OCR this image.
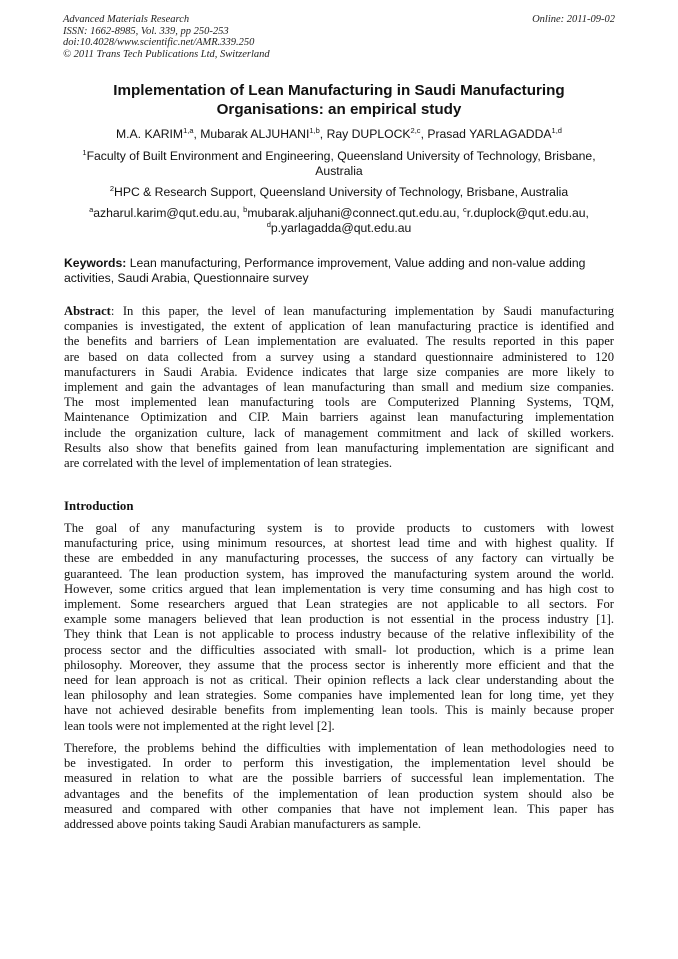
Advanced Materials Research
ISSN: 1662-8985, Vol. 339, pp 250-253
doi:10.4028/www.scientific.net/AMR.339.250
© 2011 Trans Tech Publications Ltd, Switzerland
Online: 2011-09-02
Implementation of Lean Manufacturing in Saudi Manufacturing
Organisations: an empirical study
M.A. KARIM$^{1,a}$, Mubarak ALJUHANI$^{1,b}$, Ray DUPLOCK$^{2,c}$, Prasad YARLAGADDA$^{1,d}$
$^1$Faculty of Built Environment and Engineering, Queensland University of Technology, Brisbane,
Australia
$^2$HPC & Research Support, Queensland University of Technology, Brisbane, Australia
$^a$azharul.karim@qut.edu.au, $^b$mubarak.aljuhani@connect.qut.edu.au, $^c$r.duplock@qut.edu.au,
$^d$p.yarlagadda@qut.edu.au
Keywords: Lean manufacturing, Performance improvement, Value adding and non-value adding
activities, Saudi Arabia, Questionnaire survey
Abstract: In this paper, the level of lean manufacturing implementation by Saudi manufacturing
companies is investigated, the extent of application of lean manufacturing practice is identified and
the benefits and barriers of Lean implementation are evaluated. The results reported in this paper
are based on data collected from a survey using a standard questionnaire administered to 120
manufacturers in Saudi Arabia. Evidence indicates that large size companies are more likely to
implement and gain the advantages of lean manufacturing than small and medium size companies.
The most implemented lean manufacturing tools are Computerized Planning Systems, TQM,
Maintenance Optimization and CIP. Main barriers against lean manufacturing implementation
include the organization culture, lack of management commitment and lack of skilled workers.
Results also show that benefits gained from lean manufacturing implementation are significant and
are correlated with the level of implementation of lean strategies.
Introduction
The goal of any manufacturing system is to provide products to customers with lowest
manufacturing price, using minimum resources, at shortest lead time and with highest quality. If
these are embedded in any manufacturing processes, the success of any factory can virtually be
guaranteed. The lean production system, has improved the manufacturing system around the world.
However, some critics argued that lean implementation is very time consuming and has high cost to
implement. Some researchers argued that Lean strategies are not applicable to all sectors. For
example some managers believed that lean production is not essential in the process industry [1].
They think that Lean is not applicable to process industry because of the relative inflexibility of the
process sector and the difficulties associated with small- lot production, which is a prime lean
philosophy. Moreover, they assume that the process sector is inherently more efficient and that the
need for lean approach is not as critical. Their opinion reflects a lack clear understanding about the
lean philosophy and lean strategies. Some companies have implemented lean for long time, yet they
have not achieved desirable benefits from implementing lean tools. This is mainly because proper
lean tools were not implemented at the right level [2].
Therefore, the problems behind the difficulties with implementation of lean methodologies need to
be investigated. In order to perform this investigation, the implementation level should be
measured in relation to what are the possible barriers of successful lean implementation. The
advantages and the benefits of the implementation of lean production system should also be
measured and compared with other companies that have not implement lean. This paper has
addressed above points taking Saudi Arabian manufacturers as sample.
